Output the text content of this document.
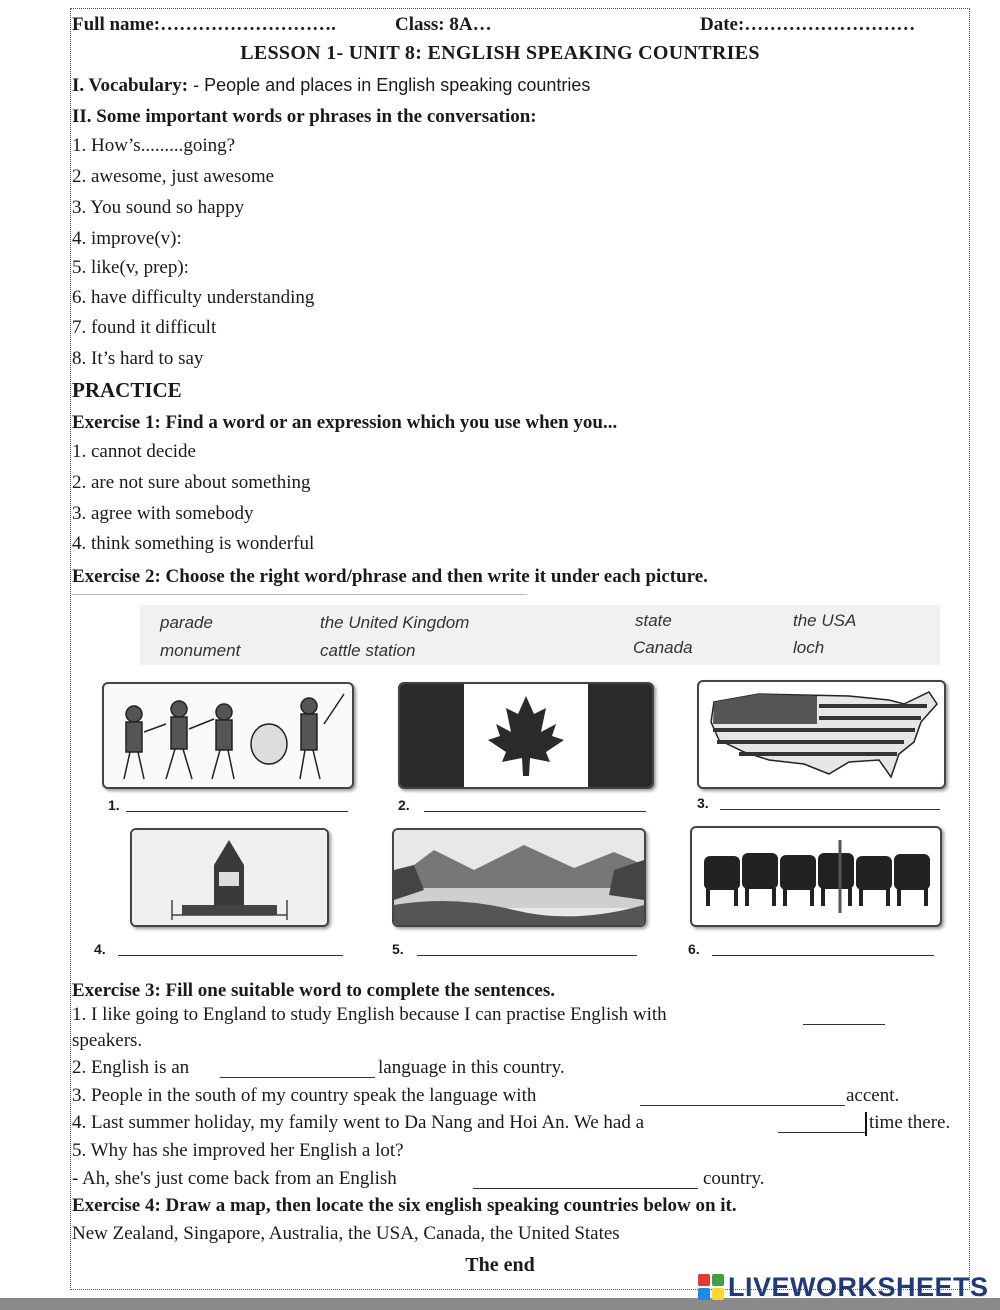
Full name:……………………….	Class: 8A…	Date:………………………
LESSON 1- UNIT 8: ENGLISH SPEAKING COUNTRIES
I. Vocabulary: - People and places in English speaking countries
II. Some important words or phrases in the conversation:
1. How’s.........going?
2. awesome, just awesome
3. You sound so happy
4. improve(v):
5. like(v, prep):
6. have difficulty understanding
7. found it difficult
8. It’s hard to say
PRACTICE
Exercise 1: Find a word or an expression which you use when you...
1. cannot decide
2. are not sure about something
3. agree with somebody
4. think something is wonderful
Exercise 2: Choose the right word/phrase and then write it under each picture.
parade	the United Kingdom	state	the USA
monument	cattle station	Canada	loch
1.	2.	3.
4.	5.	6.
Exercise 3: Fill one suitable word to complete the sentences.
1. I like going to England to study English because I can practise English with
speakers.
2. English is an	language in this country.
3. People in the south of my country speak the language with	accent.
4. Last summer holiday, my family went to Da Nang and Hoi An. We had a	time there.
5. Why has she improved her English a lot?
- Ah, she's just come back from an English	country.
Exercise 4: Draw a map, then locate the six english speaking countries below on it.
New Zealand, Singapore, Australia, the USA, Canada, the United States
The end
LIVEWORKSHEETS
